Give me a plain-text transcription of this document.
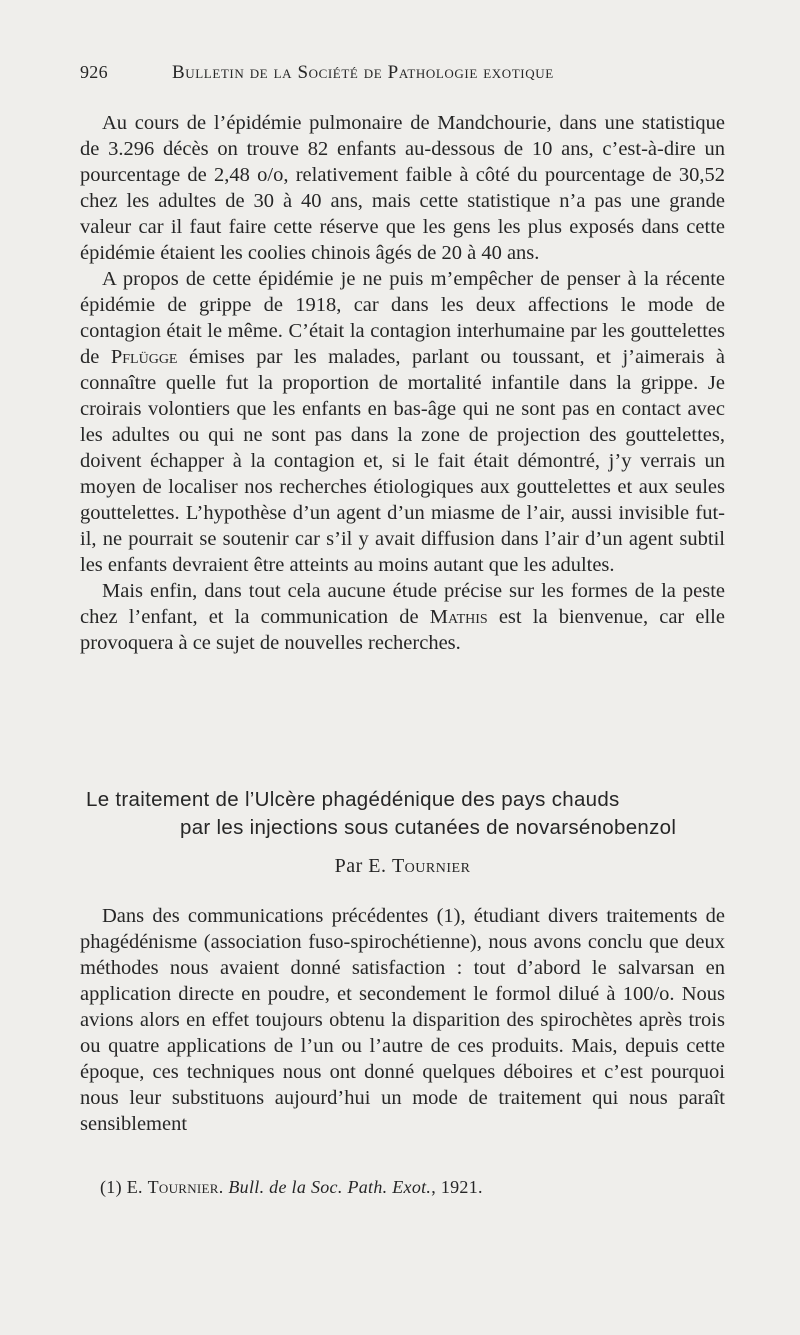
926	Bulletin de la Société de Pathologie exotique

Au cours de l’épidémie pulmonaire de Mandchourie, dans une statistique de 3.296 décès on trouve 82 enfants au-dessous de 10 ans, c’est-à-dire un pourcentage de 2,48 o/o, relativement faible à côté du pourcentage de 30,52 chez les adultes de 30 à 40 ans, mais cette statistique n’a pas une grande valeur car il faut faire cette réserve que les gens les plus exposés dans cette épidémie étaient les coolies chinois âgés de 20 à 40 ans.

A propos de cette épidémie je ne puis m’empêcher de penser à la récente épidémie de grippe de 1918, car dans les deux affections le mode de contagion était le même. C’était la contagion interhumaine par les gouttelettes de Pflügge émises par les malades, parlant ou toussant, et j’aimerais à connaître quelle fut la proportion de mortalité infantile dans la grippe. Je croirais volontiers que les enfants en bas-âge qui ne sont pas en contact avec les adultes ou qui ne sont pas dans la zone de projection des gouttelettes, doivent échapper à la contagion et, si le fait était démontré, j’y verrais un moyen de localiser nos recherches étiologiques aux gouttelettes et aux seules gouttelettes. L’hypothèse d’un agent d’un miasme de l’air, aussi invisible fut-il, ne pourrait se soutenir car s’il y avait diffusion dans l’air d’un agent subtil les enfants devraient être atteints au moins autant que les adultes.

Mais enfin, dans tout cela aucune étude précise sur les formes de la peste chez l’enfant, et la communication de Mathis est la bienvenue, car elle provoquera à ce sujet de nouvelles recherches.

Le traitement de l’Ulcère phagédénique des pays chauds
par les injections sous cutanées de novarsénobenzol
Par E. Tournier

Dans des communications précédentes (1), étudiant divers traitements de phagédénisme (association fuso-spirochétienne), nous avons conclu que deux méthodes nous avaient donné satisfaction : tout d’abord le salvarsan en application directe en poudre, et secondement le formol dilué à 100/o. Nous avions alors en effet toujours obtenu la disparition des spirochètes après trois ou quatre applications de l’un ou l’autre de ces produits. Mais, depuis cette époque, ces techniques nous ont donné quelques déboires et c’est pourquoi nous leur substituons aujourd’hui un mode de traitement qui nous paraît sensiblement

(1) E. Tournier. Bull. de la Soc. Path. Exot., 1921.
